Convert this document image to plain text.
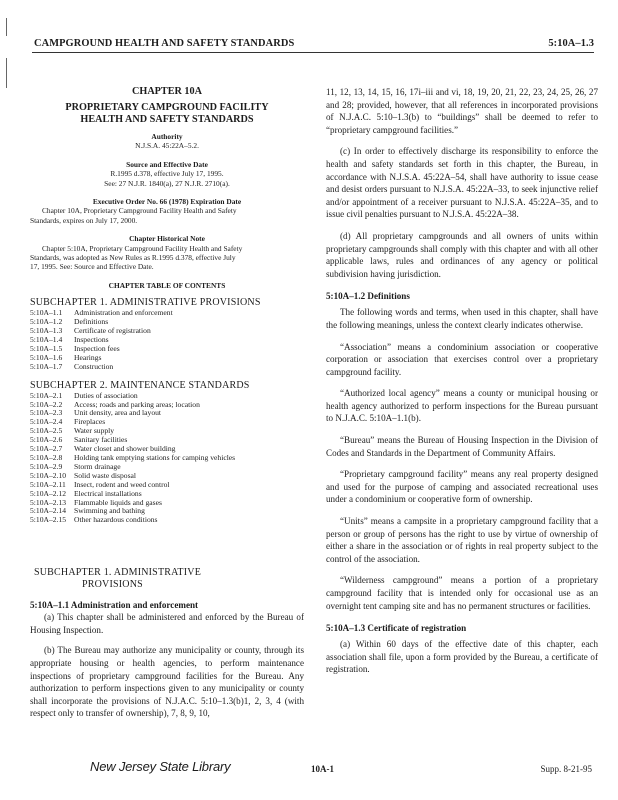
CAMPGROUND HEALTH AND SAFETY STANDARDS	5:10A–1.3
CHAPTER 10A
PROPRIETARY CAMPGROUND FACILITY
HEALTH AND SAFETY STANDARDS
Authority
N.J.S.A. 45:22A–5.2.
Source and Effective Date
R.1995 d.378, effective July 17, 1995.
See: 27 N.J.R. 1840(a), 27 N.J.R. 2710(a).
Executive Order No. 66 (1978) Expiration Date
Chapter 10A, Proprietary Campground Facility Health and Safety
Standards, expires on July 17, 2000.
Chapter Historical Note
Chapter 5:10A, Proprietary Campground Facility Health and Safety
Standards, was adopted as New Rules as R.1995 d.378, effective July
17, 1995. See: Source and Effective Date.
CHAPTER TABLE OF CONTENTS
SUBCHAPTER 1. ADMINISTRATIVE PROVISIONS
5:10A–1.1	Administration and enforcement
5:10A–1.2	Definitions
5:10A–1.3	Certificate of registration
5:10A–1.4	Inspections
5:10A–1.5	Inspection fees
5:10A–1.6	Hearings
5:10A–1.7	Construction
SUBCHAPTER 2. MAINTENANCE STANDARDS
5:10A–2.1	Duties of association
5:10A–2.2	Access; roads and parking areas; location
5:10A–2.3	Unit density, area and layout
5:10A–2.4	Fireplaces
5:10A–2.5	Water supply
5:10A–2.6	Sanitary facilities
5:10A–2.7	Water closet and shower building
5:10A–2.8	Holding tank emptying stations for camping vehicles
5:10A–2.9	Storm drainage
5:10A–2.10	Solid waste disposal
5:10A–2.11	Insect, rodent and weed control
5:10A–2.12	Electrical installations
5:10A–2.13	Flammable liquids and gases
5:10A–2.14	Swimming and bathing
5:10A–2.15	Other hazardous conditions
SUBCHAPTER 1. ADMINISTRATIVE
PROVISIONS
5:10A–1.1 Administration and enforcement

(a) This chapter shall be administered and enforced by the Bureau of Housing Inspection.

(b) The Bureau may authorize any municipality or county, through its appropriate housing or health agencies, to perform maintenance inspections of proprietary campground facilities for the Bureau. Any authorization to perform inspections given to any municipality or county shall incorporate the provisions of N.J.A.C. 5:10–1.3(b)1, 2, 3, 4 (with respect only to transfer of ownership), 7, 8, 9, 10,

11, 12, 13, 14, 15, 16, 17i–iii and vi, 18, 19, 20, 21, 22, 23, 24, 25, 26, 27 and 28; provided, however, that all references in incorporated provisions of N.J.A.C. 5:10–1.3(b) to “buildings” shall be deemed to refer to “proprietary campground facilities.”

(c) In order to effectively discharge its responsibility to enforce the health and safety standards set forth in this chapter, the Bureau, in accordance with N.J.S.A. 45:22A–54, shall have authority to issue cease and desist orders pursuant to N.J.S.A. 45:22A–33, to seek injunctive relief and/or appointment of a receiver pursuant to N.J.S.A. 45:22A–35, and to issue civil penalties pursuant to N.J.S.A. 45:22A–38.

(d) All proprietary campgrounds and all owners of units within proprietary campgrounds shall comply with this chapter and with all other applicable laws, rules and ordinances of any agency or political subdivision having jurisdiction.

5:10A–1.2 Definitions

The following words and terms, when used in this chapter, shall have the following meanings, unless the context clearly indicates otherwise.

“Association” means a condominium association or cooperative corporation or association that exercises control over a proprietary campground facility.

“Authorized local agency” means a county or municipal housing or health agency authorized to perform inspections for the Bureau pursuant to N.J.A.C. 5:10A–1.1(b).

“Bureau” means the Bureau of Housing Inspection in the Division of Codes and Standards in the Department of Community Affairs.

“Proprietary campground facility” means any real property designed and used for the purpose of camping and associated recreational uses under a condominium or cooperative form of ownership.

“Units” means a campsite in a proprietary campground facility that a person or group of persons has the right to use by virtue of ownership of either a share in the association or of rights in real property subject to the control of the association.

“Wilderness campground” means a portion of a proprietary campground facility that is intended only for occasional use as an overnight tent camping site and has no permanent structures or facilities.

5:10A–1.3 Certificate of registration

(a) Within 60 days of the effective date of this chapter, each association shall file, upon a form provided by the Bureau, a certificate of registration.

New Jersey State Library	10A-1	Supp. 8-21-95
